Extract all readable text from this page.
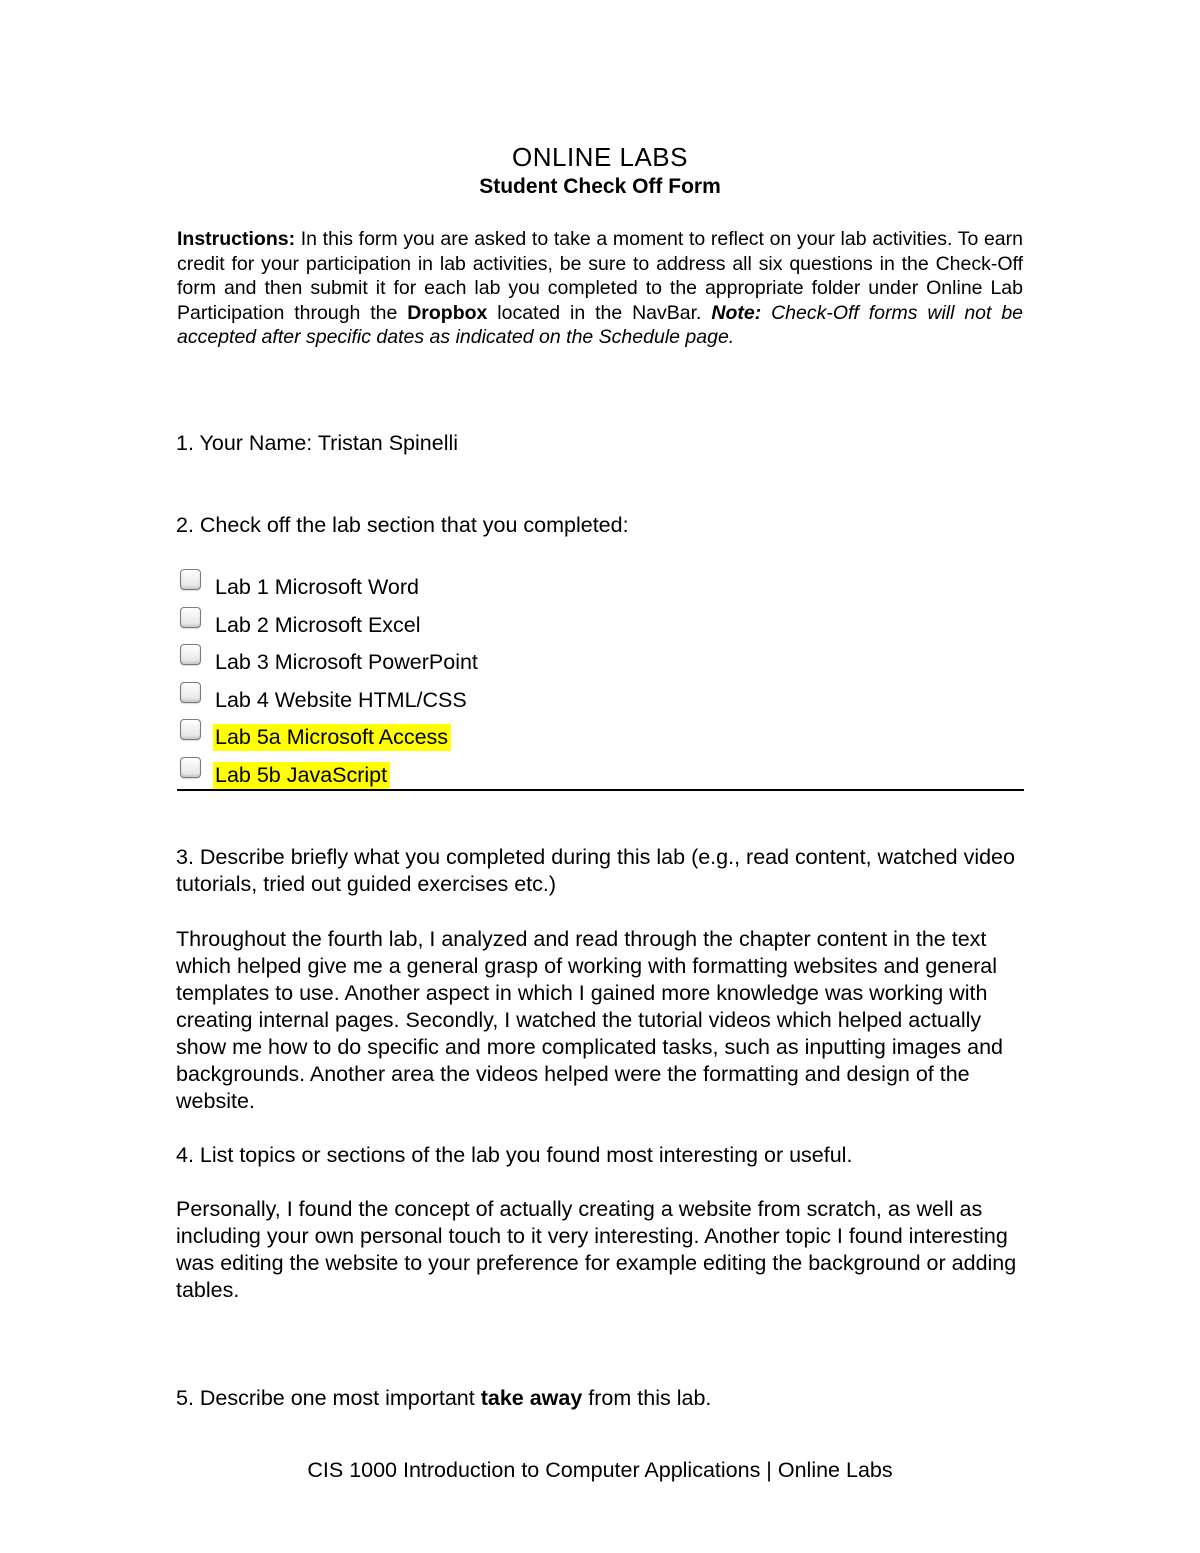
ONLINE LABS
Student Check Off Form
Instructions: In this form you are asked to take a moment to reflect on your lab activities. To earn credit for your participation in lab activities, be sure to address all six questions in the Check-Off form and then submit it for each lab you completed to the appropriate folder under Online Lab Participation through the Dropbox located in the NavBar. Note: Check-Off forms will not be accepted after specific dates as indicated on the Schedule page.
1. Your Name: Tristan Spinelli
2. Check off the lab section that you completed:
Lab 1 Microsoft Word
Lab 2 Microsoft Excel
Lab 3 Microsoft PowerPoint
Lab 4 Website HTML/CSS
Lab 5a Microsoft Access
Lab 5b JavaScript
3. Describe briefly what you completed during this lab (e.g., read content, watched video tutorials, tried out guided exercises etc.)
Throughout the fourth lab, I analyzed and read through the chapter content in the text which helped give me a general grasp of working with formatting websites and general templates to use. Another aspect in which I gained more knowledge was working with creating internal pages. Secondly, I watched the tutorial videos which helped actually show me how to do specific and more complicated tasks, such as inputting images and backgrounds. Another area the videos helped were the formatting and design of the website.
4. List topics or sections of the lab you found most interesting or useful.
Personally, I found the concept of actually creating a website from scratch, as well as including your own personal touch to it very interesting. Another topic I found interesting was editing the website to your preference for example editing the background or adding tables.
5. Describe one most important take away from this lab.
CIS 1000 Introduction to Computer Applications | Online Labs
